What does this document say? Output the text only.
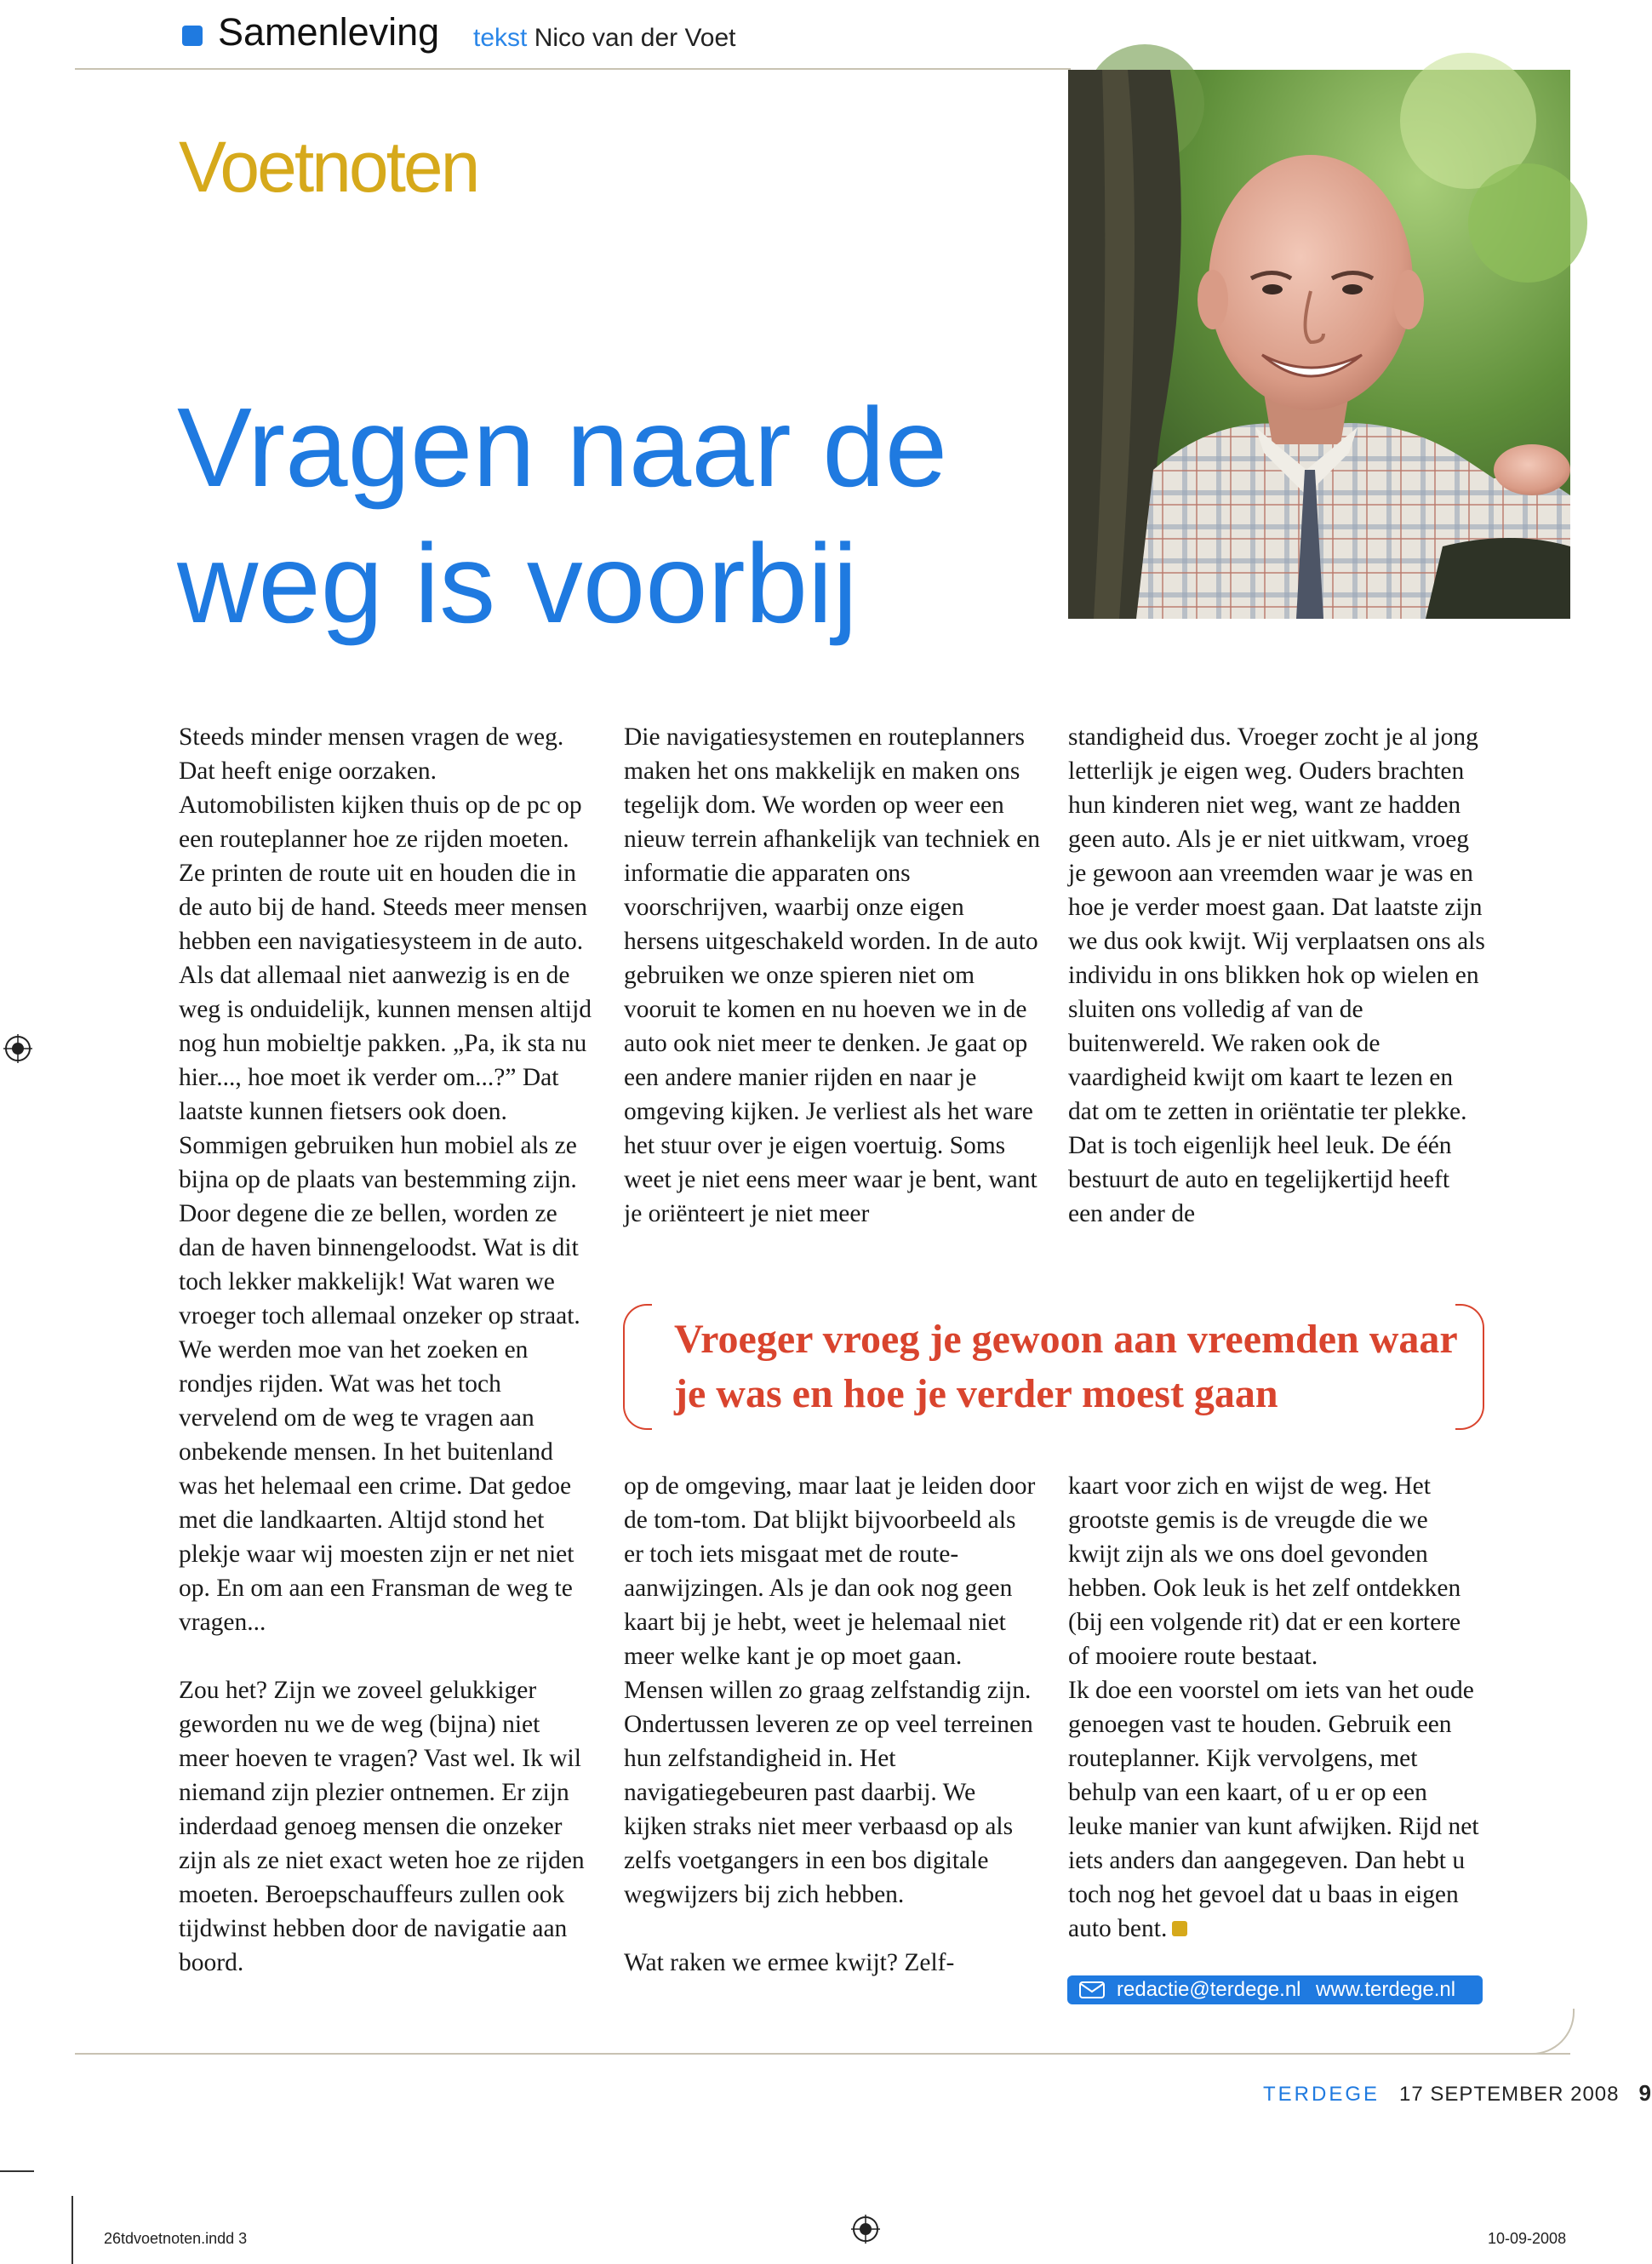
Samenleving tekst Nico van der Voet
Voetnoten
Vragen naar de
weg is voorbij

Steeds minder mensen vragen de weg. Dat heeft enige oorzaken. Automobilisten kijken thuis op de pc op een routeplanner hoe ze rijden moeten. Ze printen de route uit en houden die in de auto bij de hand. Steeds meer mensen hebben een navigatiesysteem in de auto. Als dat allemaal niet aanwezig is en de weg is onduidelijk, kunnen mensen altijd nog hun mobieltje pakken. „Pa, ik sta nu hier..., hoe moet ik verder om...?” Dat laatste kunnen fietsers ook doen. Sommigen gebruiken hun mobiel als ze bijna op de plaats van bestemming zijn. Door degene die ze bellen, worden ze dan de haven binnengeloodst. Wat is dit toch lekker makkelijk! Wat waren we vroeger toch allemaal onzeker op straat. We werden moe van het zoeken en rondjes rijden. Wat was het toch vervelend om de weg te vragen aan onbekende mensen. In het buitenland was het helemaal een crime. Dat gedoe met die landkaarten. Altijd stond het plekje waar wij moesten zijn er net niet op. En om aan een Fransman de weg te vragen...

Zou het? Zijn we zoveel gelukkiger geworden nu we de weg (bijna) niet meer hoeven te vragen? Vast wel. Ik wil niemand zijn plezier ontnemen. Er zijn inderdaad genoeg mensen die onzeker zijn als ze niet exact weten hoe ze rijden moeten. Beroepschauffeurs zullen ook tijdwinst hebben door de navigatie aan boord.

Die navigatiesystemen en routeplanners maken het ons makkelijk en maken ons tegelijk dom. We worden op weer een nieuw terrein afhankelijk van techniek en informatie die apparaten ons voorschrijven, waarbij onze eigen hersens uitgeschakeld worden. In de auto gebruiken we onze spieren niet om vooruit te komen en nu hoeven we in de auto ook niet meer te denken. Je gaat op een andere manier rijden en naar je omgeving kijken. Je verliest als het ware het stuur over je eigen voertuig. Soms weet je niet eens meer waar je bent, want je oriënteert je niet meer

standigheid dus. Vroeger zocht je al jong letterlijk je eigen weg. Ouders brachten hun kinderen niet weg, want ze hadden geen auto. Als je er niet uitkwam, vroeg je gewoon aan vreemden waar je was en hoe je verder moest gaan. Dat laatste zijn we dus ook kwijt. Wij verplaatsen ons als individu in ons blikken hok op wielen en sluiten ons volledig af van de buitenwereld. We raken ook de vaardigheid kwijt om kaart te lezen en dat om te zetten in oriëntatie ter plekke. Dat is toch eigenlijk heel leuk. De één bestuurt de auto en tegelijkertijd heeft een ander de

Vroeger vroeg je gewoon aan vreemden waar je was en hoe je verder moest gaan

op de omgeving, maar laat je leiden door de tom-tom. Dat blijkt bijvoorbeeld als er toch iets misgaat met de route-aanwijzingen. Als je dan ook nog geen kaart bij je hebt, weet je helemaal niet meer welke kant je op moet gaan.

Mensen willen zo graag zelfstandig zijn. Ondertussen leveren ze op veel terreinen hun zelfstandigheid in. Het navigatiegebeuren past daarbij. We kijken straks niet meer verbaasd op als zelfs voetgangers in een bos digitale wegwijzers bij zich hebben.

Wat raken we ermee kwijt? Zelf-

kaart voor zich en wijst de weg. Het grootste gemis is de vreugde die we kwijt zijn als we ons doel gevonden hebben. Ook leuk is het zelf ontdekken (bij een volgende rit) dat er een kortere of mooiere route bestaat.

Ik doe een voorstel om iets van het oude genoegen vast te houden. Gebruik een routeplanner. Kijk vervolgens, met behulp van een kaart, of u er op een leuke manier van kunt afwijken. Rijd net iets anders dan aangegeven. Dan hebt u toch nog het gevoel dat u baas in eigen auto bent.

redactie@terdege.nl www.terdege.nl
TERDEGE 17 SEPTEMBER 2008 9
26tdvoetnoten.indd 3	10-09-2008
